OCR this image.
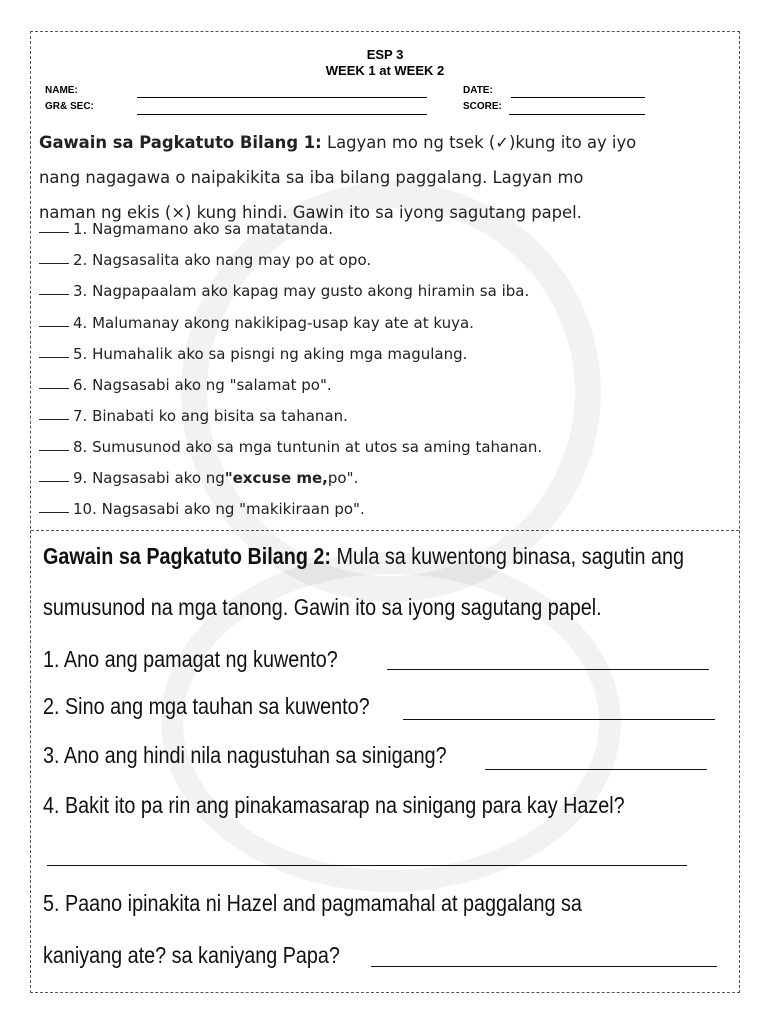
ESP 3
WEEK 1 at WEEK 2
NAME:
GR& SEC:
DATE:
SCORE:
Gawain sa Pagkatuto Bilang 1: Lagyan mo ng tsek (✓)kung ito ay iyo
nang nagagawa o naipakikita sa iba bilang paggalang. Lagyan mo
naman ng ekis (×) kung hindi. Gawin ito sa iyong sagutang papel.
1. Nagmamano ako sa matatanda.
2. Nagsasalita ako nang may po at opo.
3. Nagpapaalam ako kapag may gusto akong hiramin sa iba.
4. Malumanay akong nakikipag-usap kay ate at kuya.
5. Humahalik ako sa pisngi ng aking mga magulang.
6. Nagsasabi ako ng "salamat po".
7. Binabati ko ang bisita sa tahanan.
8. Sumusunod ako sa mga tuntunin at utos sa aming tahanan.
9. Nagsasabi ako ng "excuse me, po".
10. Nagsasabi ako ng "makikiraan po".
Gawain sa Pagkatuto Bilang 2: Mula sa kuwentong binasa, sagutin ang
sumusunod na mga tanong. Gawin ito sa iyong sagutang papel.
1. Ano ang pamagat ng kuwento?
2. Sino ang mga tauhan sa kuwento?
3. Ano ang hindi nila nagustuhan sa sinigang?
4. Bakit ito pa rin ang pinakamasarap na sinigang para kay Hazel?
5. Paano ipinakita ni Hazel and pagmamahal at paggalang sa
kaniyang ate? sa kaniyang Papa?
